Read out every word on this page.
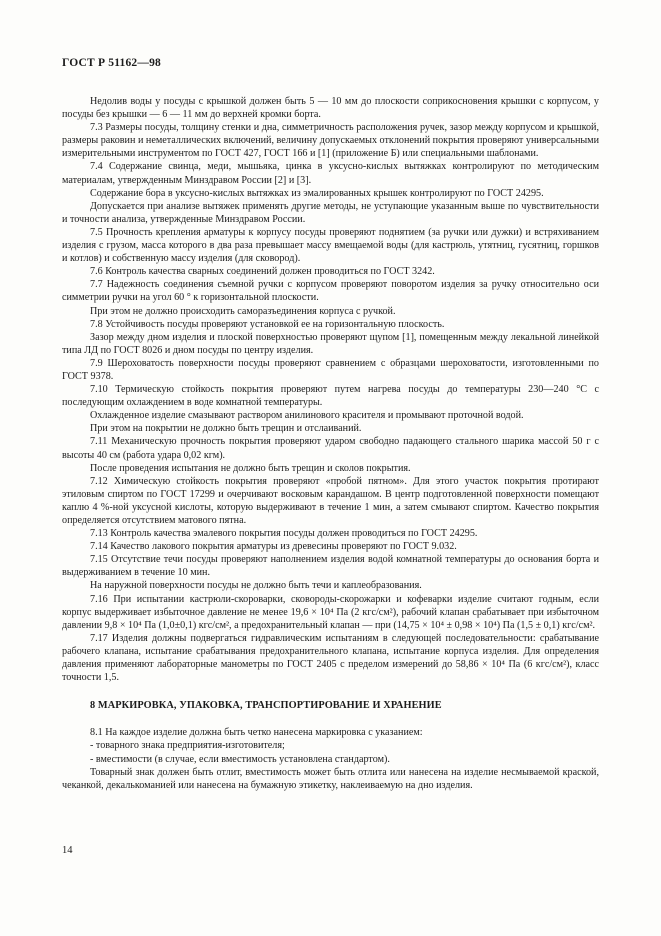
ГОСТ Р 51162—98

Недолив воды у посуды с крышкой должен быть 5 — 10 мм до плоскости соприкосновения крышки с корпусом, у посуды без крышки — 6 — 11 мм до верхней кромки борта.

7.3 Размеры посуды, толщину стенки и дна, симметричность расположения ручек, зазор между корпусом и крышкой, размеры раковин и неметаллических включений, величину допускаемых отклонений покрытия проверяют универсальными измерительными инструментом по ГОСТ 427, ГОСТ 166 и [1] (приложение Б) или специальными шаблонами.

7.4 Содержание свинца, меди, мышьяка, цинка в уксусно-кислых вытяжках контролируют по методическим материалам, утвержденным Минздравом России [2] и [3].

Содержание бора в уксусно-кислых вытяжках из эмалированных крышек контролируют по ГОСТ 24295.

Допускается при анализе вытяжек применять другие методы, не уступающие указанным выше по чувствительности и точности анализа, утвержденные Минздравом России.

7.5 Прочность крепления арматуры к корпусу посуды проверяют поднятием (за ручки или дужки) и встряхиванием изделия с грузом, масса которого в два раза превышает массу вмещаемой воды (для кастрюль, утятниц, гусятниц, горшков и котлов) и собственную массу изделия (для сковород).

7.6 Контроль качества сварных соединений должен проводиться по ГОСТ 3242.

7.7 Надежность соединения съемной ручки с корпусом проверяют поворотом изделия за ручку относительно оси симметрии ручки на угол 60 ° к горизонтальной плоскости.

При этом не должно происходить саморазъединения корпуса с ручкой.

7.8 Устойчивость посуды проверяют установкой ее на горизонтальную плоскость.

Зазор между дном изделия и плоской поверхностью проверяют щупом [1], помещенным между лекальной линейкой типа ЛД по ГОСТ 8026 и дном посуды по центру изделия.

7.9 Шероховатость поверхности посуды проверяют сравнением с образцами шероховатости, изготовленными по ГОСТ 9378.

7.10 Термическую стойкость покрытия проверяют путем нагрева посуды до температуры 230—240 °С с последующим охлаждением в воде комнатной температуры.

Охлажденное изделие смазывают раствором анилинового красителя и промывают проточной водой.

При этом на покрытии не должно быть трещин и отслаиваний.

7.11 Механическую прочность покрытия проверяют ударом свободно падающего стального шарика массой 50 г с высоты 40 см (работа удара 0,02 кгм).

После проведения испытания не должно быть трещин и сколов покрытия.

7.12 Химическую стойкость покрытия проверяют «пробой пятном». Для этого участок покрытия протирают этиловым спиртом по ГОСТ 17299 и очерчивают восковым карандашом. В центр подготовленной поверхности помещают каплю 4 %-ной уксусной кислоты, которую выдерживают в течение 1 мин, а затем смывают спиртом. Качество покрытия определяется отсутствием матового пятна.

7.13 Контроль качества эмалевого покрытия посуды должен проводиться по ГОСТ 24295.

7.14 Качество лакового покрытия арматуры из древесины проверяют по ГОСТ 9.032.

7.15 Отсутствие течи посуды проверяют наполнением изделия водой комнатной температуры до основания борта и выдерживанием в течение 10 мин.

На наружной поверхности посуды не должно быть течи и каплеобразования.

7.16 При испытании кастрюли-скороварки, сковороды-скорожарки и кофеварки изделие считают годным, если корпус выдерживает избыточное давление не менее 19,6 × 10⁴ Па (2 кгс/см²), рабочий клапан срабатывает при избыточном давлении 9,8 × 10⁴ Па (1,0±0,1) кгс/см², а предохранительный клапан — при (14,75 × 10⁴ ± 0,98 × 10⁴) Па (1,5 ± 0,1) кгс/см².

7.17 Изделия должны подвергаться гидравлическим испытаниям в следующей последовательности: срабатывание рабочего клапана, испытание срабатывания предохранительного клапана, испытание корпуса изделия. Для определения давления применяют лабораторные манометры по ГОСТ 2405 с пределом измерений до 58,86 × 10⁴ Па (6 кгс/см²), класс точности 1,5.

8 МАРКИРОВКА, УПАКОВКА, ТРАНСПОРТИРОВАНИЕ И ХРАНЕНИЕ

8.1 На каждое изделие должна быть четко нанесена маркировка с указанием:

- товарного знака предприятия-изготовителя;

- вместимости (в случае, если вместимость установлена стандартом).

Товарный знак должен быть отлит, вместимость может быть отлита или нанесена на изделие несмываемой краской, чеканкой, декалькоманией или нанесена на бумажную этикетку, наклеиваемую на дно изделия.

14
